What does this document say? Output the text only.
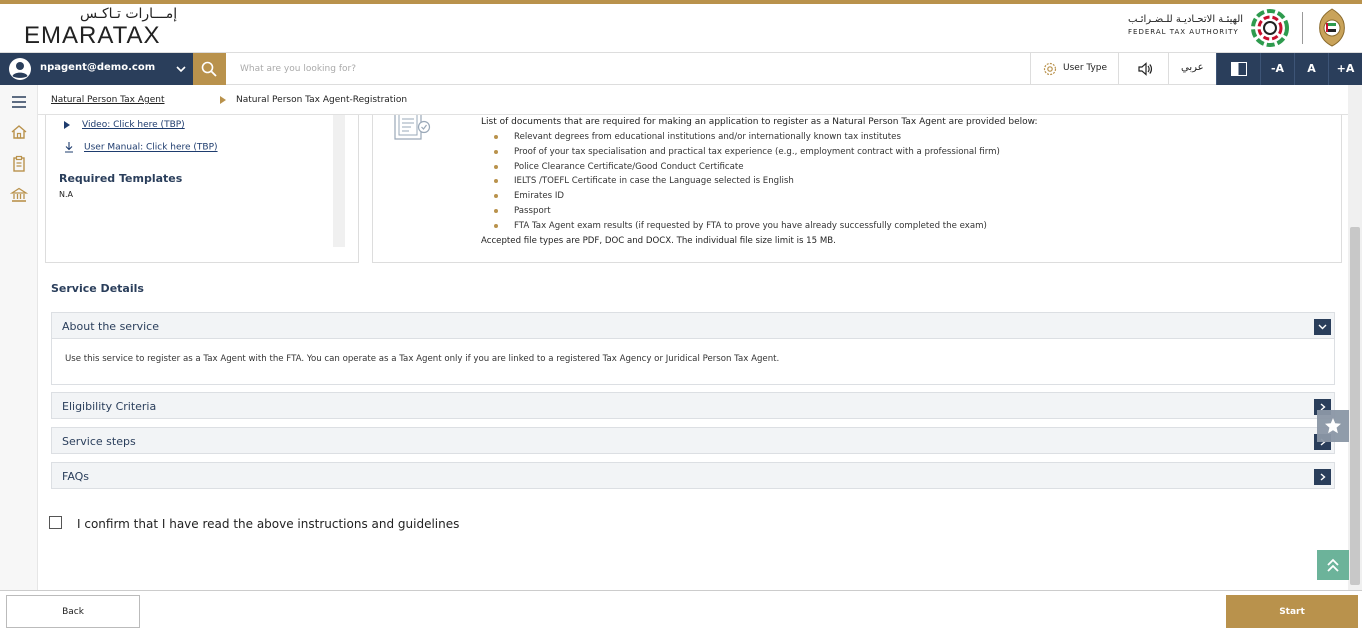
إمـــارات تـاكـس
EMARATAX
الهيئـة الاتحـاديـة للـضـرائـب
FEDERAL TAX AUTHORITY
npagent@demo.com
What are you looking for?	User Type	عربي	-A	A	+A
Natural Person Tax Agent	Natural Person Tax Agent-Registration
Video: Click here (TBP)
User Manual: Click here (TBP)
Required Templates
N.A
List of documents that are required for making an application to register as a Natural Person Tax Agent are provided below:
Relevant degrees from educational institutions and/or internationally known tax institutes
Proof of your tax specialisation and practical tax experience (e.g., employment contract with a professional firm)
Police Clearance Certificate/Good Conduct Certificate
IELTS /TOEFL Certificate in case the Language selected is English
Emirates ID
Passport
FTA Tax Agent exam results (if requested by FTA to prove you have already successfully completed the exam)
Accepted file types are PDF, DOC and DOCX. The individual file size limit is 15 MB.
Service Details
About the service
Use this service to register as a Tax Agent with the FTA. You can operate as a Tax Agent only if you are linked to a registered Tax Agency or Juridical Person Tax Agent.
Eligibility Criteria
Service steps
FAQs
I confirm that I have read the above instructions and guidelines
Back	Start
